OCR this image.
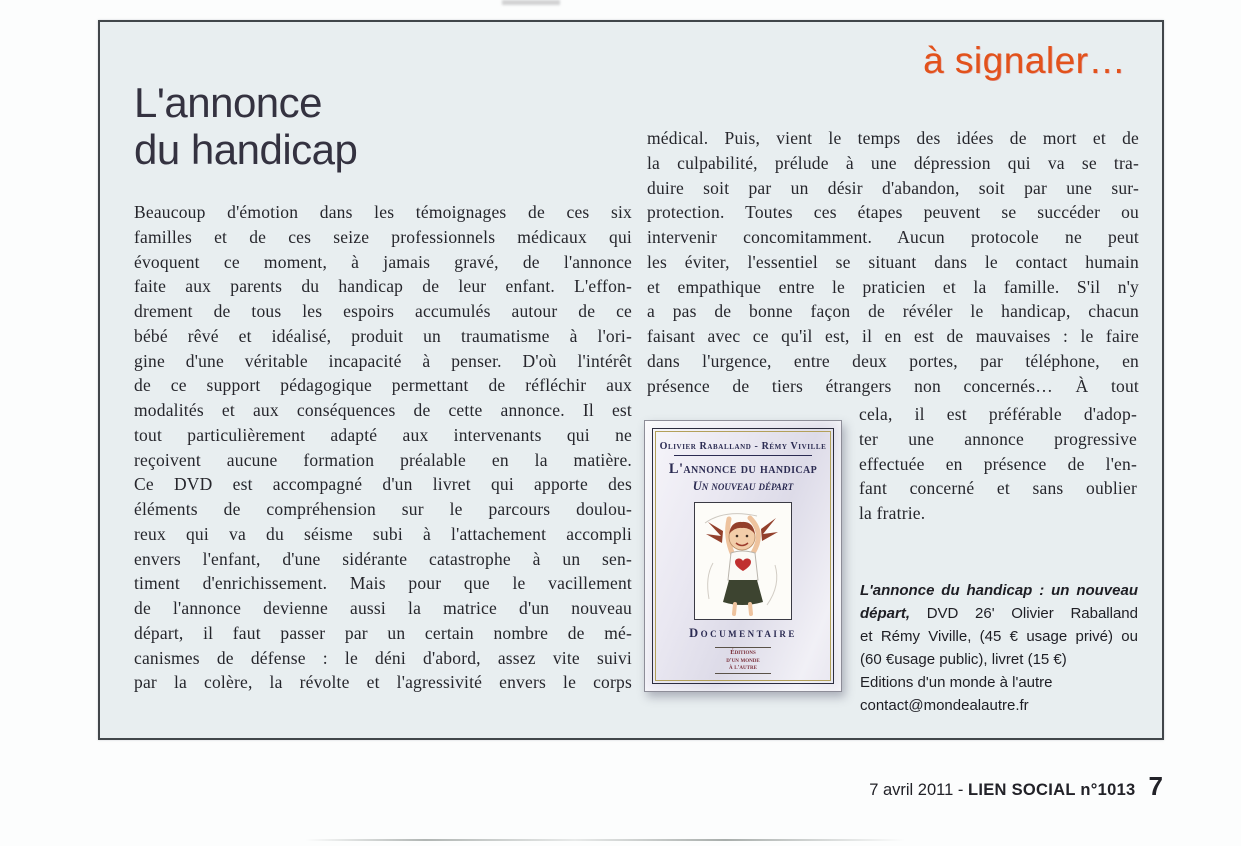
à signaler…
L'annonce
du handicap
Beaucoup d'émotion dans les témoignages de ces six
familles et de ces seize professionnels médicaux qui
évoquent ce moment, à jamais gravé, de l'annonce
faite aux parents du handicap de leur enfant. L'effon-
drement de tous les espoirs accumulés autour de ce
bébé rêvé et idéalisé, produit un traumatisme à l'ori-
gine d'une véritable incapacité à penser. D'où l'intérêt
de ce support pédagogique permettant de réfléchir aux
modalités et aux conséquences de cette annonce. Il est
tout particulièrement adapté aux intervenants qui ne
reçoivent aucune formation préalable en la matière.
Ce DVD est accompagné d'un livret qui apporte des
éléments de compréhension sur le parcours doulou-
reux qui va du séisme subi à l'attachement accompli
envers l'enfant, d'une sidérante catastrophe à un sen-
timent d'enrichissement. Mais pour que le vacillement
de l'annonce devienne aussi la matrice d'un nouveau
départ, il faut passer par un certain nombre de mé-
canismes de défense : le déni d'abord, assez vite suivi
par la colère, la révolte et l'agressivité envers le corps
médical. Puis, vient le temps des idées de mort et de
la culpabilité, prélude à une dépression qui va se tra-
duire soit par un désir d'abandon, soit par une sur-
protection. Toutes ces étapes peuvent se succéder ou
intervenir concomitamment. Aucun protocole ne peut
les éviter, l'essentiel se situant dans le contact humain
et empathique entre le praticien et la famille. S'il n'y
a pas de bonne façon de révéler le handicap, chacun
faisant avec ce qu'il est, il en est de mauvaises : le faire
dans l'urgence, entre deux portes, par téléphone, en
présence de tiers étrangers non concernés… À tout
cela, il est préférable d'adop-
ter une annonce progressive
effectuée en présence de l'en-
fant concerné et sans oublier
la fratrie.
Olivier Raballand - Rémy Viville
L'annonce du handicap
Un nouveau départ
Documentaire
Éditions
d'un monde
à l'autre
L'annonce du handicap : un nouveau
départ, DVD 26' Olivier Raballand
et Rémy Viville, (45 € usage privé) ou
(60 €usage public), livret (15 €)
Editions d'un monde à l'autre
contact@mondealautre.fr
7 avril 2011 - LIEN SOCIAL n°1013 7
